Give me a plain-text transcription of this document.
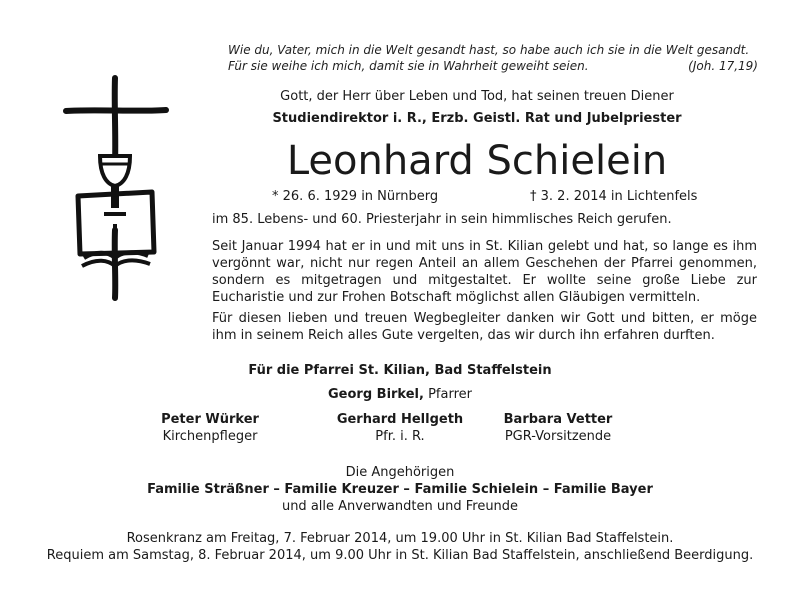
Wie du, Vater, mich in die Welt gesandt hast, so habe auch ich sie in die Welt gesandt.
Für sie weihe ich mich, damit sie in Wahrheit geweiht seien.	(Joh. 17,19)
Gott, der Herr über Leben und Tod, hat seinen treuen Diener
Studiendirektor i. R., Erzb. Geistl. Rat und Jubelpriester
Leonhard Schielein
* 26. 6. 1929 in Nürnberg	† 3. 2. 2014 in Lichtenfels
im 85. Lebens- und 60. Priesterjahr in sein himmlisches Reich gerufen.
Seit Januar 1994 hat er in und mit uns in St. Kilian gelebt und hat, so lange es ihm vergönnt war, nicht nur regen Anteil an allem Geschehen der Pfarrei genommen, sondern es mitgetragen und mitgestaltet. Er wollte seine große Liebe zur Eucharistie und zur Frohen Botschaft möglichst allen Gläubigen vermitteln.
Für diesen lieben und treuen Wegbegleiter danken wir Gott und bitten, er möge ihm in seinem Reich alles Gute vergelten, das wir durch ihn erfahren durften.
Für die Pfarrei St. Kilian, Bad Staffelstein
Georg Birkel, Pfarrer
Peter Würker
Kirchenpfleger
Gerhard Hellgeth
Pfr. i. R.
Barbara Vetter
PGR-Vorsitzende
Die Angehörigen
Familie Sträßner – Familie Kreuzer – Familie Schielein – Familie Bayer
und alle Anverwandten und Freunde
Rosenkranz am Freitag, 7. Februar 2014, um 19.00 Uhr in St. Kilian Bad Staffelstein.
Requiem am Samstag, 8. Februar 2014, um 9.00 Uhr in St. Kilian Bad Staffelstein, anschließend Beerdigung.
